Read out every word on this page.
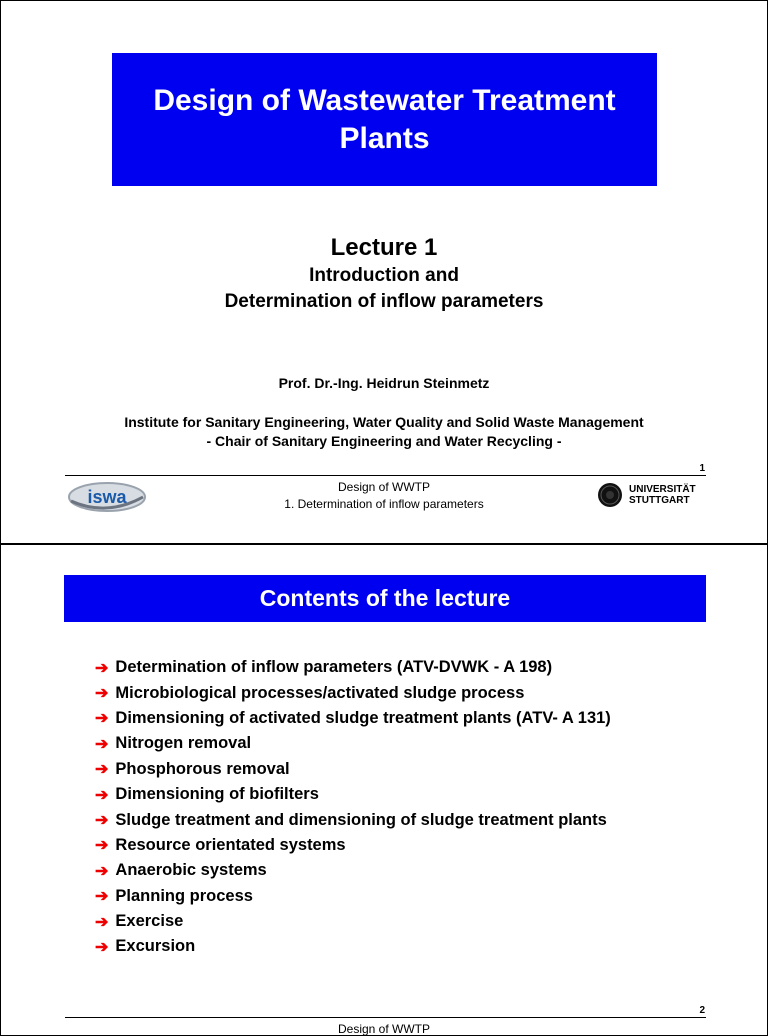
Design of Wastewater Treatment Plants
Lecture 1
Introduction and
Determination of inflow parameters
Prof. Dr.-Ing. Heidrun Steinmetz
Institute for Sanitary Engineering, Water Quality and Solid Waste Management
- Chair of Sanitary Engineering and Water Recycling -
1
iswa	Design of WWTP
1. Determination of inflow parameters
UNIVERSITÄT
STUTTGART
Contents of the lecture
➔ Determination of inflow parameters (ATV-DVWK - A 198)
➔ Microbiological processes/activated sludge process
➔ Dimensioning of activated sludge treatment plants (ATV- A 131)
➔ Nitrogen removal
➔ Phosphorous removal
➔ Dimensioning of biofilters
➔ Sludge treatment and dimensioning of sludge treatment plants
➔ Resource orientated systems
➔ Anaerobic systems
➔ Planning process
➔ Exercise
➔ Excursion
2
Design of WWTP
